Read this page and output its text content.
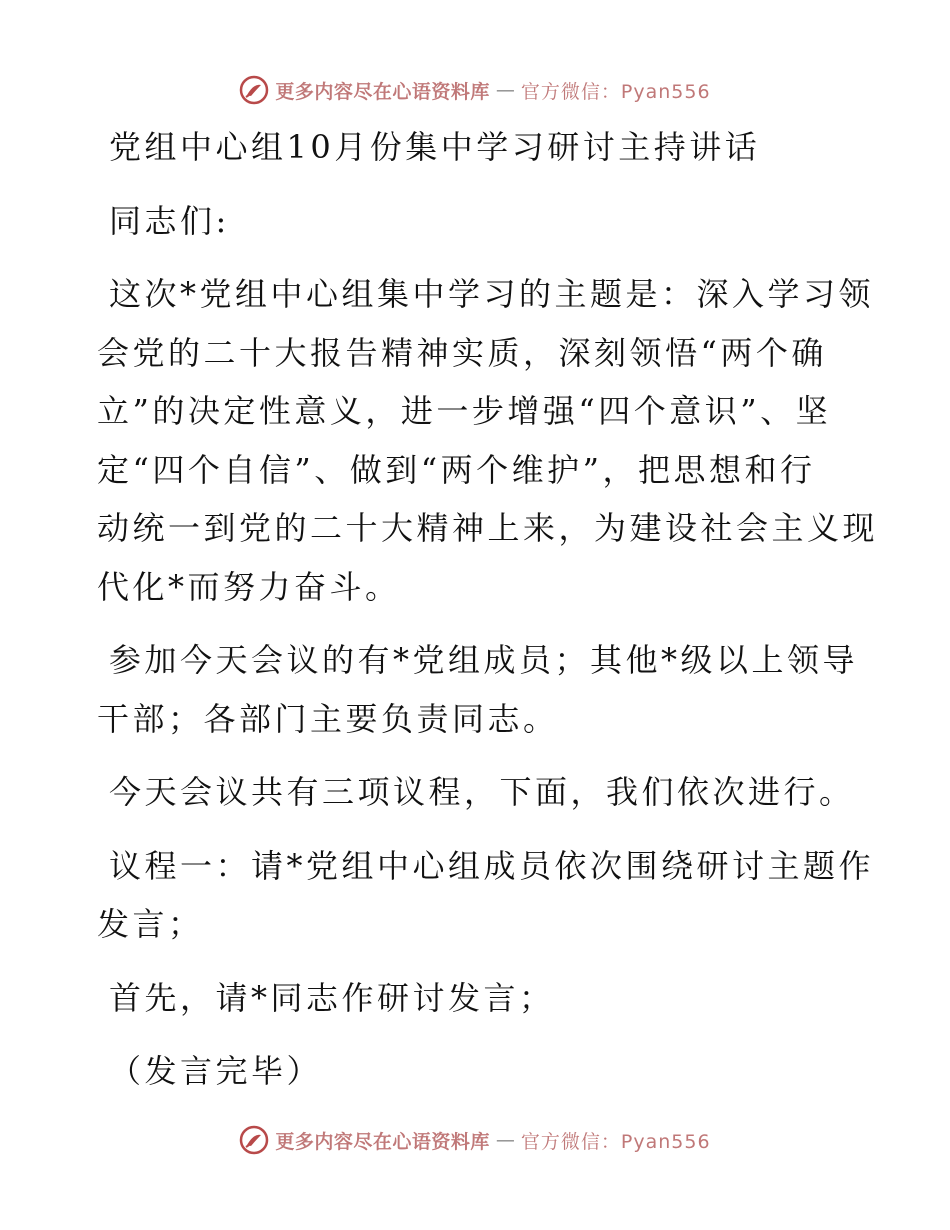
更多内容尽在心语资料库 — 官方微信：Pyan556
党组中心组10月份集中学习研讨主持讲话
同志们:
这次*党组中心组集中学习的主题是：深入学习领
会党的二十大报告精神实质，深刻领悟“两个确
立”的决定性意义，进一步增强“四个意识”、坚
定“四个自信”、做到“两个维护”，把思想和行
动统一到党的二十大精神上来，为建设社会主义现
代化*而努力奋斗。
参加今天会议的有*党组成员；其他*级以上领导
干部；各部门主要负责同志。
今天会议共有三项议程，下面，我们依次进行。
议程一：请*党组中心组成员依次围绕研讨主题作
发言；
首先，请*同志作研讨发言；
（发言完毕）
更多内容尽在心语资料库 — 官方微信：Pyan556
